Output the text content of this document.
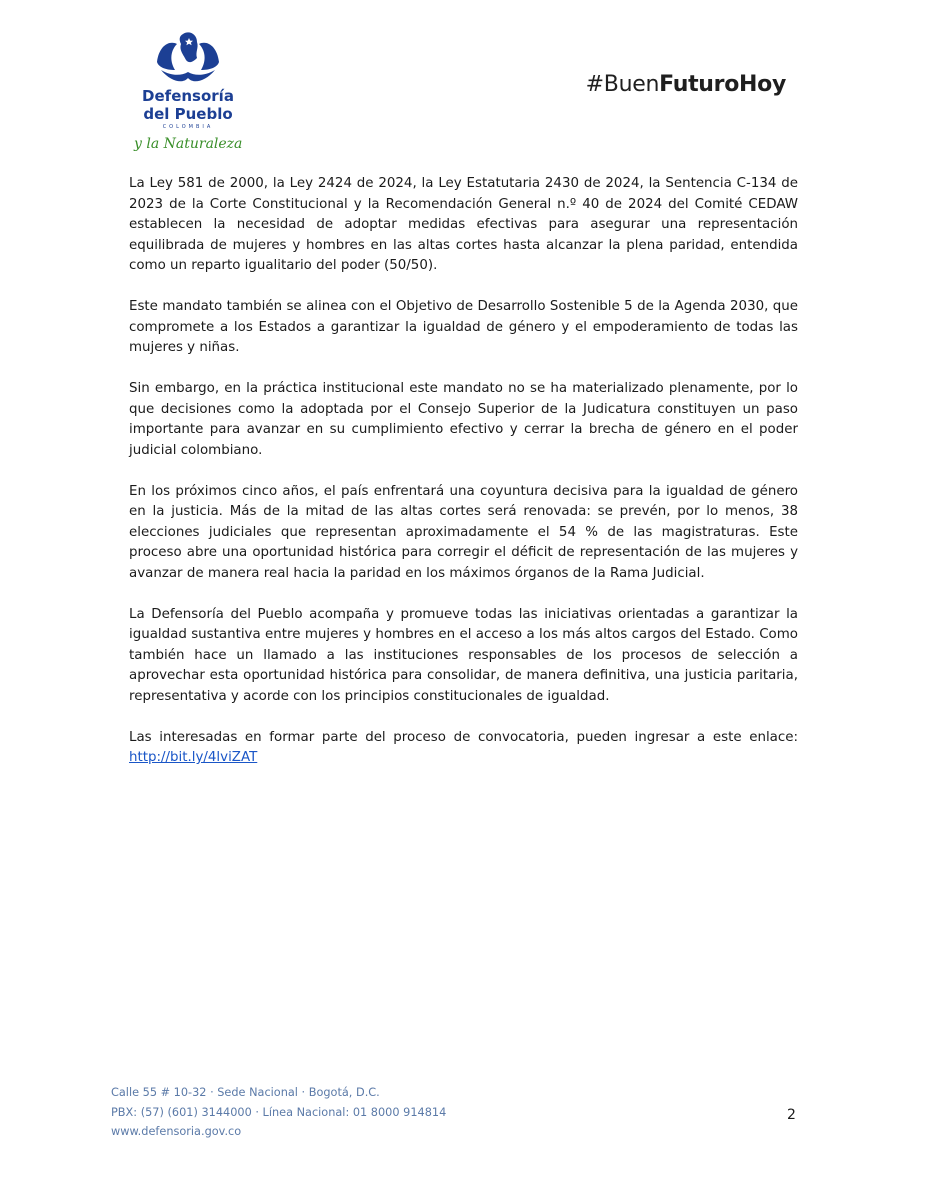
Defensoría
del Pueblo
COLOMBIA
y la Naturaleza
#BuenFuturoHoy

La Ley 581 de 2000, la Ley 2424 de 2024, la Ley Estatutaria 2430 de 2024, la Sentencia C-134 de 2023 de la Corte Constitucional y la Recomendación General n.º 40 de 2024 del Comité CEDAW establecen la necesidad de adoptar medidas efectivas para asegurar una representación equilibrada de mujeres y hombres en las altas cortes hasta alcanzar la plena paridad, entendida como un reparto igualitario del poder (50/50).

Este mandato también se alinea con el Objetivo de Desarrollo Sostenible 5 de la Agenda 2030, que compromete a los Estados a garantizar la igualdad de género y el empoderamiento de todas las mujeres y niñas.

Sin embargo, en la práctica institucional este mandato no se ha materializado plenamente, por lo que decisiones como la adoptada por el Consejo Superior de la Judicatura constituyen un paso importante para avanzar en su cumplimiento efectivo y cerrar la brecha de género en el poder judicial colombiano.

En los próximos cinco años, el país enfrentará una coyuntura decisiva para la igualdad de género en la justicia. Más de la mitad de las altas cortes será renovada: se prevén, por lo menos, 38 elecciones judiciales que representan aproximadamente el 54 % de las magistraturas. Este proceso abre una oportunidad histórica para corregir el déficit de representación de las mujeres y avanzar de manera real hacia la paridad en los máximos órganos de la Rama Judicial.

La Defensoría del Pueblo acompaña y promueve todas las iniciativas orientadas a garantizar la igualdad sustantiva entre mujeres y hombres en el acceso a los más altos cargos del Estado. Como también hace un llamado a las instituciones responsables de los procesos de selección a aprovechar esta oportunidad histórica para consolidar, de manera definitiva, una justicia paritaria, representativa y acorde con los principios constitucionales de igualdad.

Las interesadas en formar parte del proceso de convocatoria, pueden ingresar a este enlace: http://bit.ly/4lviZAT

Calle 55 # 10-32 · Sede Nacional · Bogotá, D.C.
PBX: (57) (601) 3144000 · Línea Nacional: 01 8000 914814
www.defensoria.gov.co
2
